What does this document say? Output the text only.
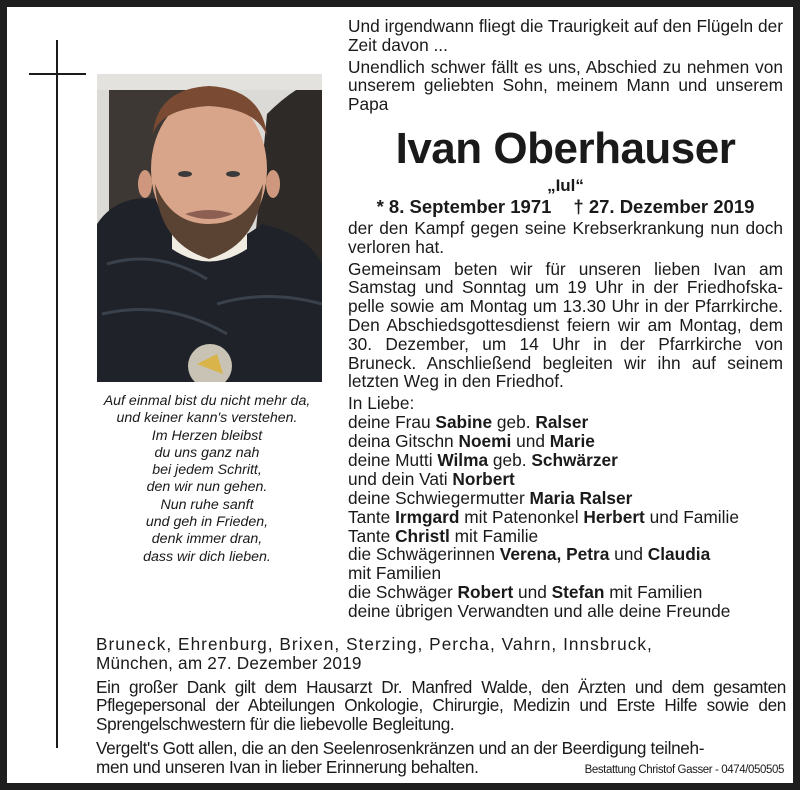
Auf einmal bist du nicht mehr da,
und keiner kann's verstehen.
Im Herzen bleibst
du uns ganz nah
bei jedem Schritt,
den wir nun gehen.
Nun ruhe sanft
und geh in Frieden,
denk immer dran,
dass wir dich lieben.
Und irgendwann fliegt die Traurigkeit auf den Flügeln der Zeit davon ...
Unendlich schwer fällt es uns, Abschied zu nehmen von unserem geliebten Sohn, meinem Mann und unserem Papa
Ivan Oberhauser
„Iul“
* 8. September 1971 † 27. Dezember 2019
der den Kampf gegen seine Krebserkrankung nun doch verloren hat.
Gemeinsam beten wir für unseren lieben Ivan am Samstag und Sonntag um 19 Uhr in der Friedhofskapelle sowie am Montag um 13.30 Uhr in der Pfarrkirche. Den Abschiedsgottesdienst feiern wir am Montag, dem 30. Dezember, um 14 Uhr in der Pfarrkirche von Bruneck. Anschließend begleiten wir ihn auf seinem letzten Weg in den Friedhof.
In Liebe:
deine Frau Sabine geb. Ralser
deina Gitschn Noemi und Marie
deine Mutti Wilma geb. Schwärzer
und dein Vati Norbert
deine Schwiegermutter Maria Ralser
Tante Irmgard mit Patenonkel Herbert und Familie
Tante Christl mit Familie
die Schwägerinnen Verena, Petra und Claudia
mit Familien
die Schwäger Robert und Stefan mit Familien
deine übrigen Verwandten und alle deine Freunde
Bruneck, Ehrenburg, Brixen, Sterzing, Percha, Vahrn, Innsbruck,
München, am 27. Dezember 2019
Ein großer Dank gilt dem Hausarzt Dr. Manfred Walde, den Ärzten und dem gesamten Pflegepersonal der Abteilungen Onkologie, Chirurgie, Medizin und Erste Hilfe sowie den Sprengelschwestern für die liebevolle Begleitung.
Vergelt's Gott allen, die an den Seelenrosenkränzen und an der Beerdigung teilneh-
men und unseren Ivan in lieber Erinnerung behalten.	Bestattung Christof Gasser - 0474/050505
